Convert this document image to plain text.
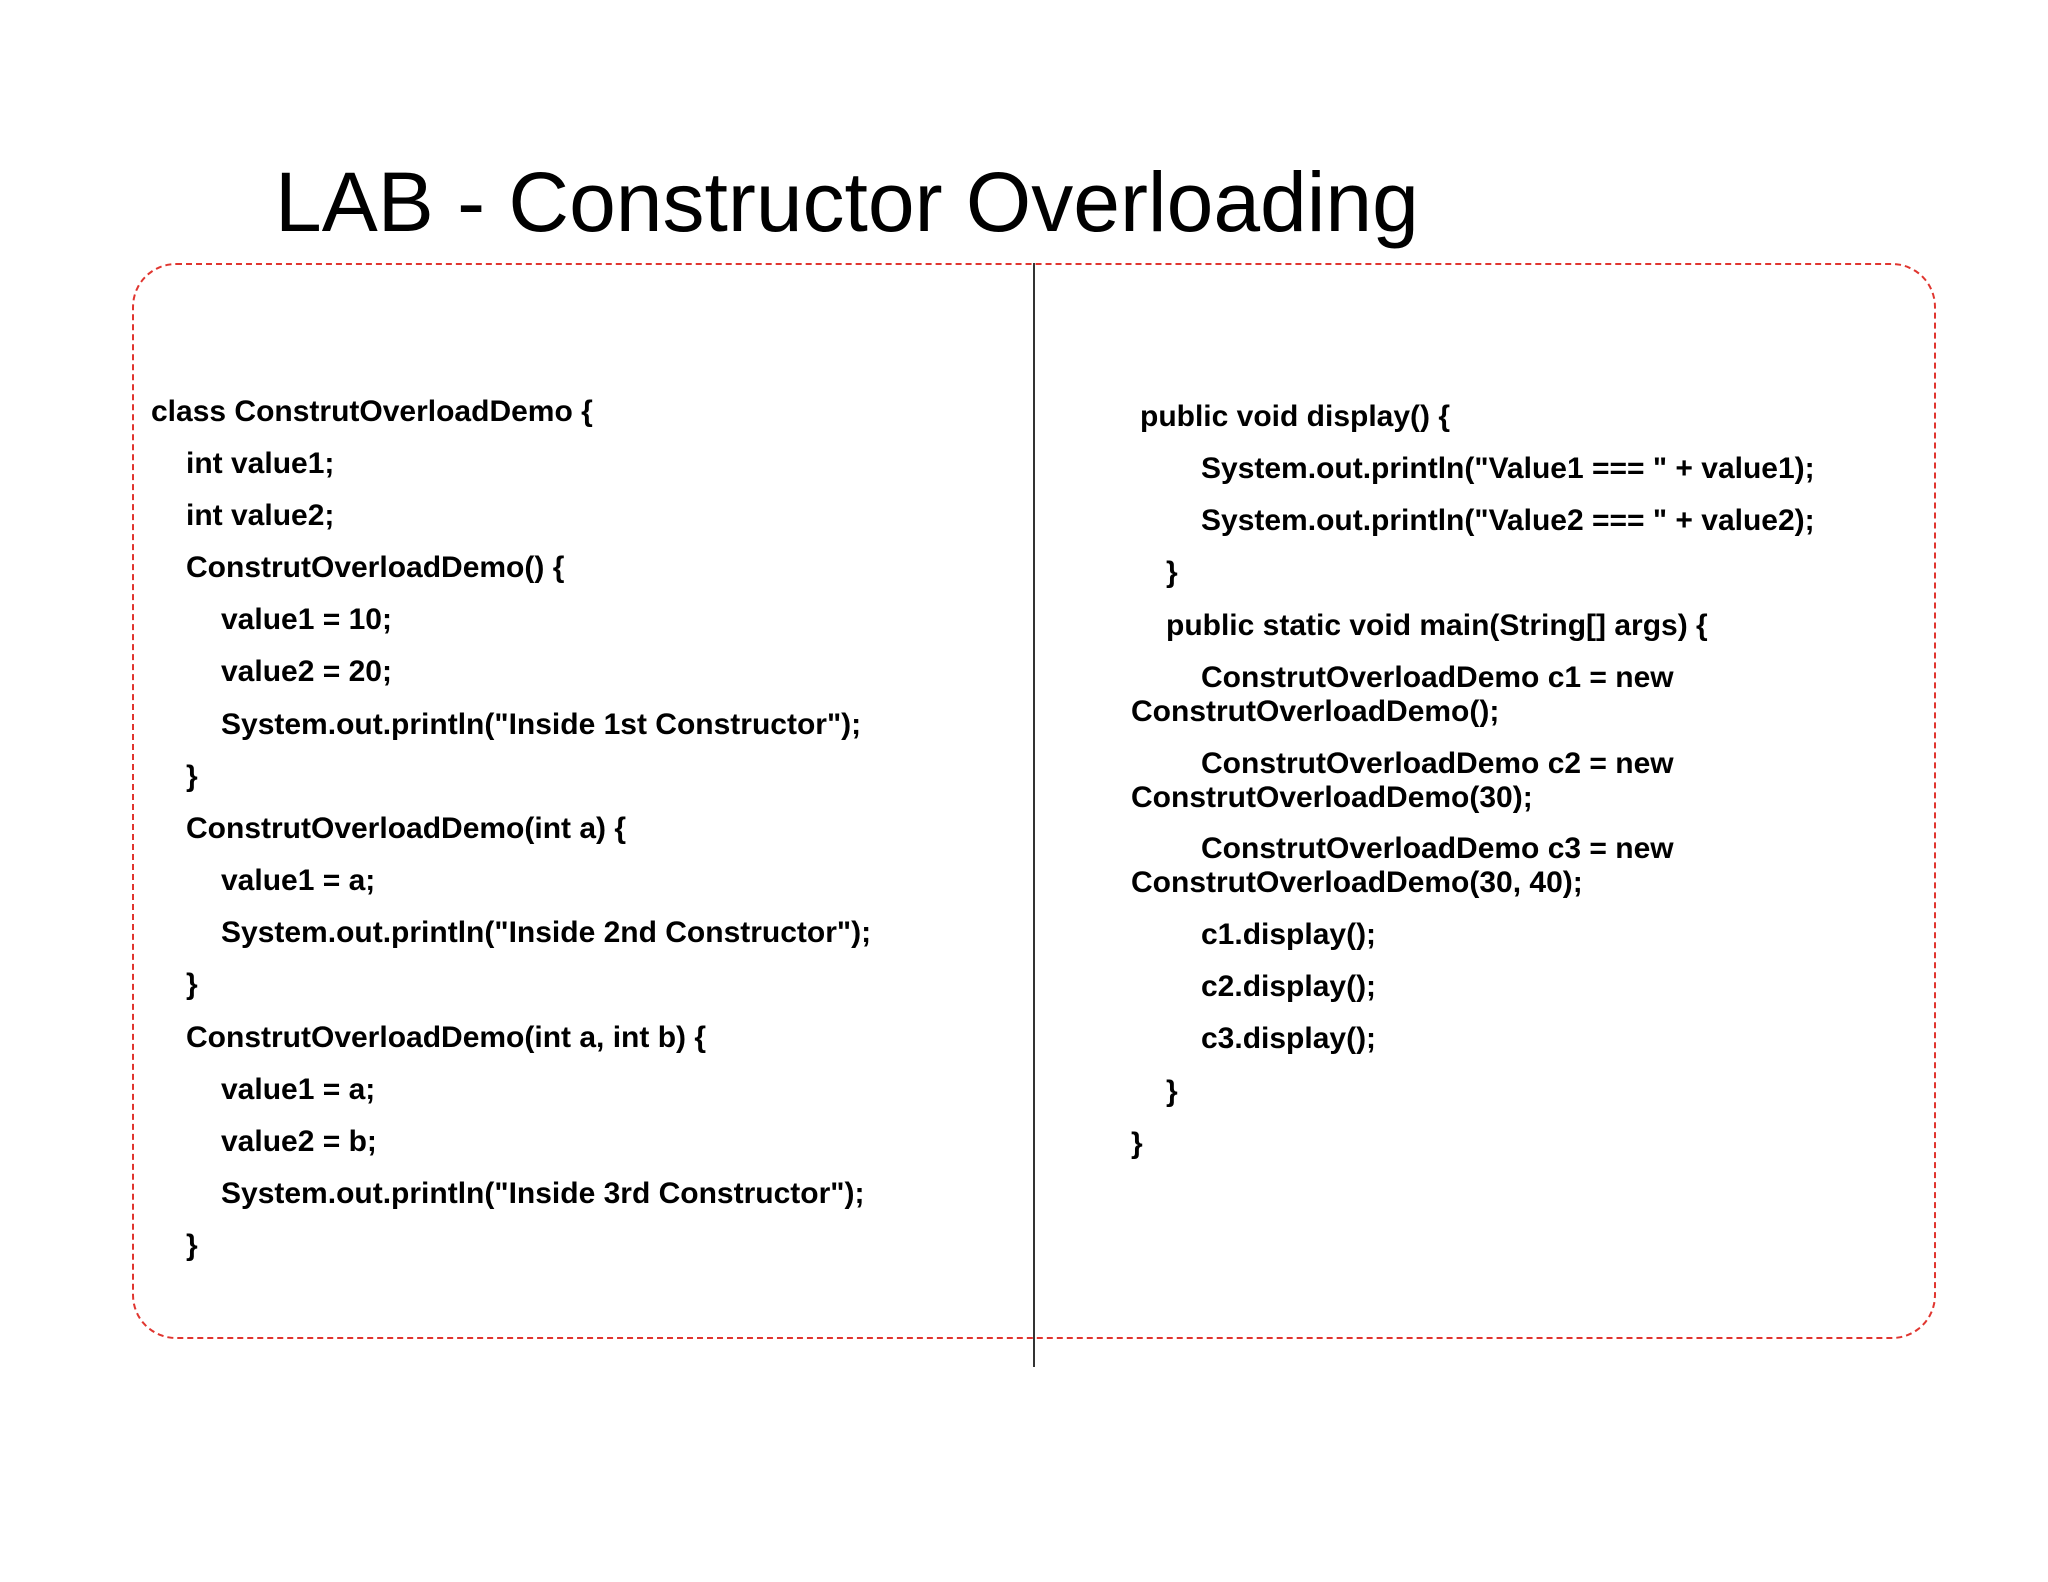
LAB - Constructor Overloading
class ConstrutOverloadDemo {
int value1;
int value2;
ConstrutOverloadDemo() {
value1 = 10;
value2 = 20;
System.out.println("Inside 1st Constructor");
}
ConstrutOverloadDemo(int a) {
value1 = a;
System.out.println("Inside 2nd Constructor");
}
ConstrutOverloadDemo(int a, int b) {
value1 = a;
value2 = b;
System.out.println("Inside 3rd Constructor");
}
public void display() {
System.out.println("Value1 === " + value1);
System.out.println("Value2 === " + value2);
}
public static void main(String[] args) {
ConstrutOverloadDemo c1 = new
ConstrutOverloadDemo();
ConstrutOverloadDemo c2 = new
ConstrutOverloadDemo(30);
ConstrutOverloadDemo c3 = new
ConstrutOverloadDemo(30, 40);
c1.display();
c2.display();
c3.display();
}
}
